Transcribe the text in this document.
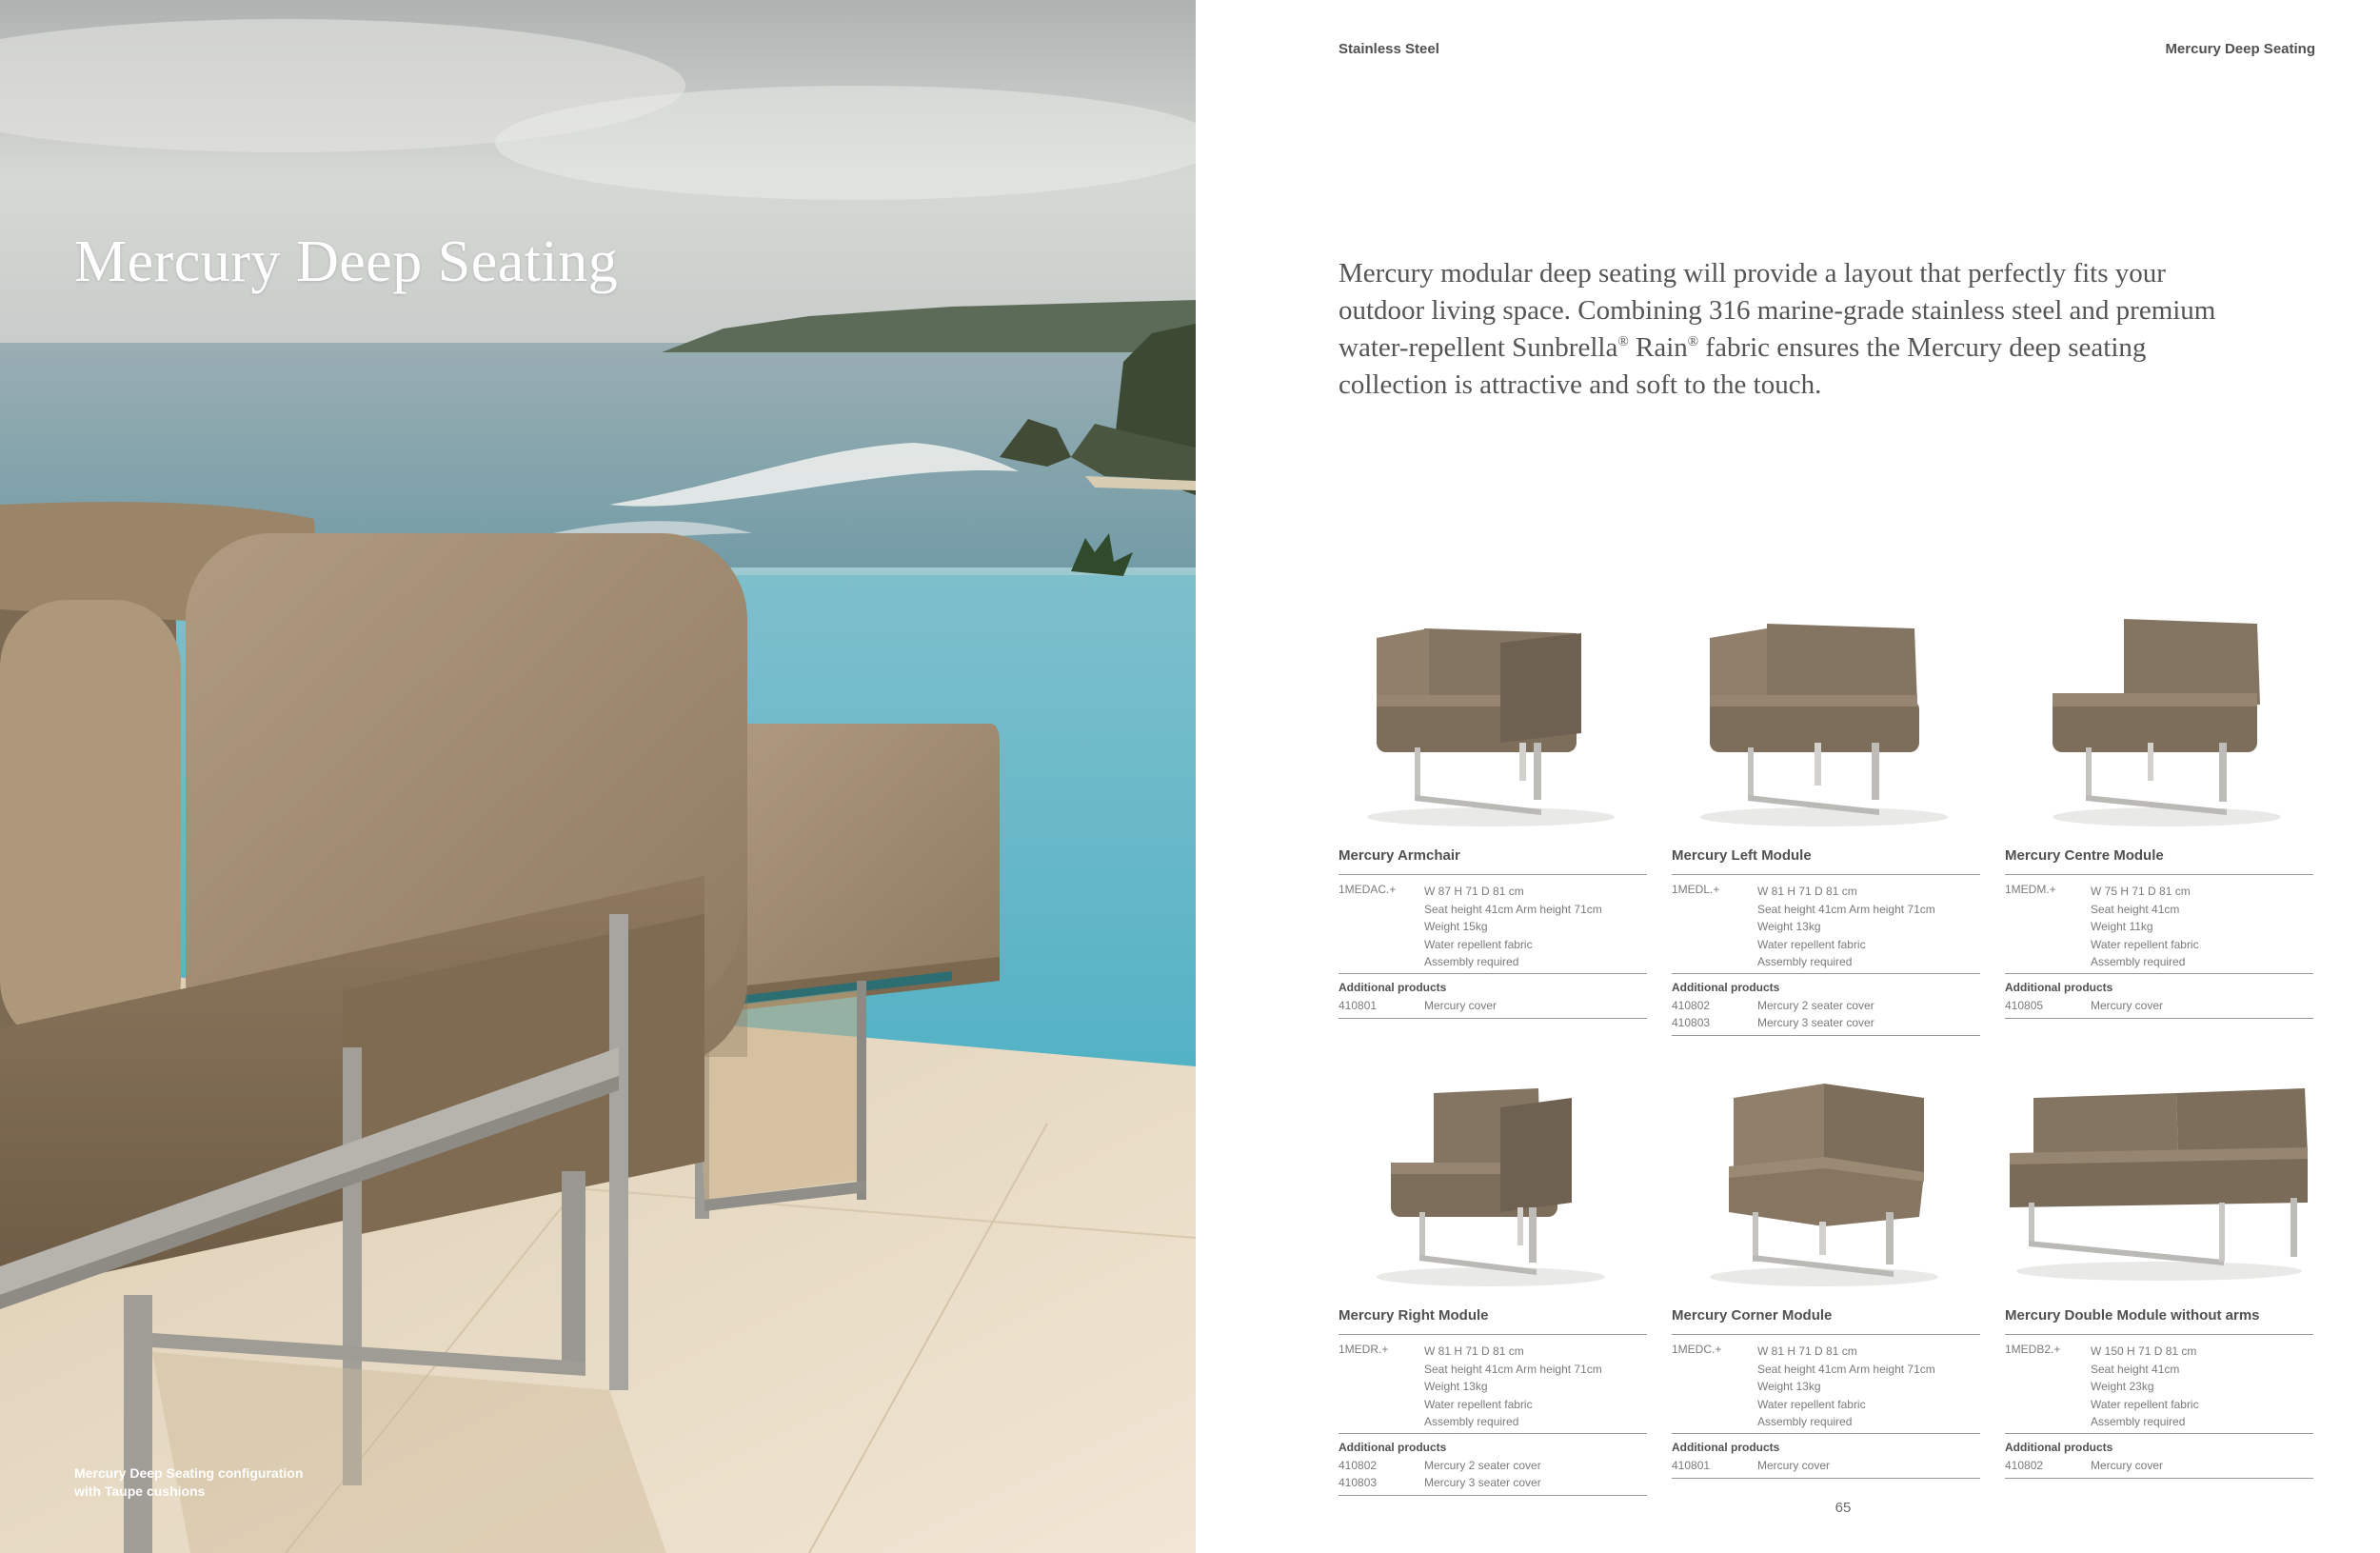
Mercury Deep Seating
Mercury Deep Seating configuration
with Taupe cushions
Stainless Steel	Mercury Deep Seating

Mercury modular deep seating will provide a layout that perfectly fits your outdoor living space. Combining 316 marine-grade stainless steel and premium water-repellent Sunbrella® Rain® fabric ensures the Mercury deep seating collection is attractive and soft to the touch.

Mercury Armchair
1MEDAC.+ W 87 H 71 D 81 cm
Seat height 41cm Arm height 71cm
Weight 15kg
Water repellent fabric
Assembly required
Additional products
410801	Mercury cover
Mercury Left Module
1MEDL.+	W 81 H 71 D 81 cm
Seat height 41cm Arm height 71cm
Weight 13kg
Water repellent fabric
Assembly required
Additional products
410802	Mercury 2 seater cover
410803	Mercury 3 seater cover
Mercury Centre Module
1MEDM.+	W 75 H 71 D 81 cm
Seat height 41cm
Weight 11kg
Water repellent fabric
Assembly required
Additional products
410805	Mercury cover
Mercury Right Module
1MEDR.+	W 81 H 71 D 81 cm
Seat height 41cm Arm height 71cm
Weight 13kg
Water repellent fabric
Assembly required
Additional products
410802	Mercury 2 seater cover
410803	Mercury 3 seater cover
Mercury Corner Module
1MEDC.+	W 81 H 71 D 81 cm
Seat height 41cm Arm height 71cm
Weight 13kg
Water repellent fabric
Assembly required
Additional products
410801	Mercury cover
Mercury Double Module without arms
1MEDB2.+	W 150 H 71 D 81 cm
Seat height 41cm
Weight 23kg
Water repellent fabric
Assembly required
Additional products
410802	Mercury cover
65
